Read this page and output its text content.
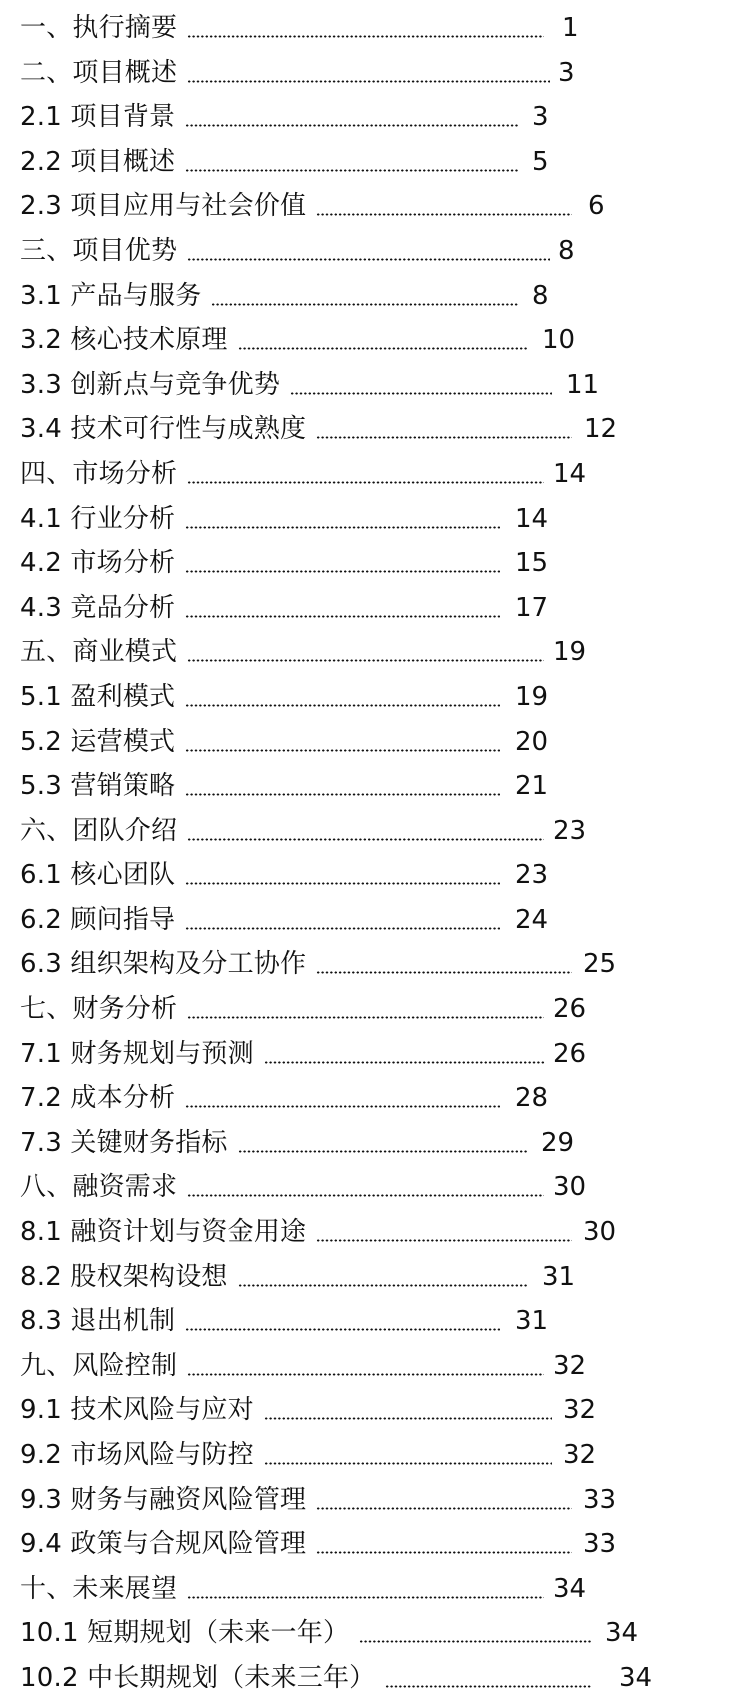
一、执行摘要	1
二、项目概述	3
2.1 项目背景	3
2.2 项目概述	5
2.3 项目应用与社会价值	6
三、项目优势	8
3.1 产品与服务	8
3.2 核心技术原理	10
3.3 创新点与竞争优势	11
3.4 技术可行性与成熟度	12
四、市场分析	14
4.1 行业分析	14
4.2 市场分析	15
4.3 竞品分析	17
五、商业模式	19
5.1 盈利模式	19
5.2 运营模式	20
5.3 营销策略	21
六、团队介绍	23
6.1 核心团队	23
6.2 顾问指导	24
6.3 组织架构及分工协作	25
七、财务分析	26
7.1 财务规划与预测	26
7.2 成本分析	28
7.3 关键财务指标	29
八、融资需求	30
8.1 融资计划与资金用途	30
8.2 股权架构设想	31
8.3 退出机制	31
九、风险控制	32
9.1 技术风险与应对	32
9.2 市场风险与防控	32
9.3 财务与融资风险管理	33
9.4 政策与合规风险管理	33
十、未来展望	34
10.1 短期规划（未来一年）	34
10.2 中长期规划（未来三年）	34
